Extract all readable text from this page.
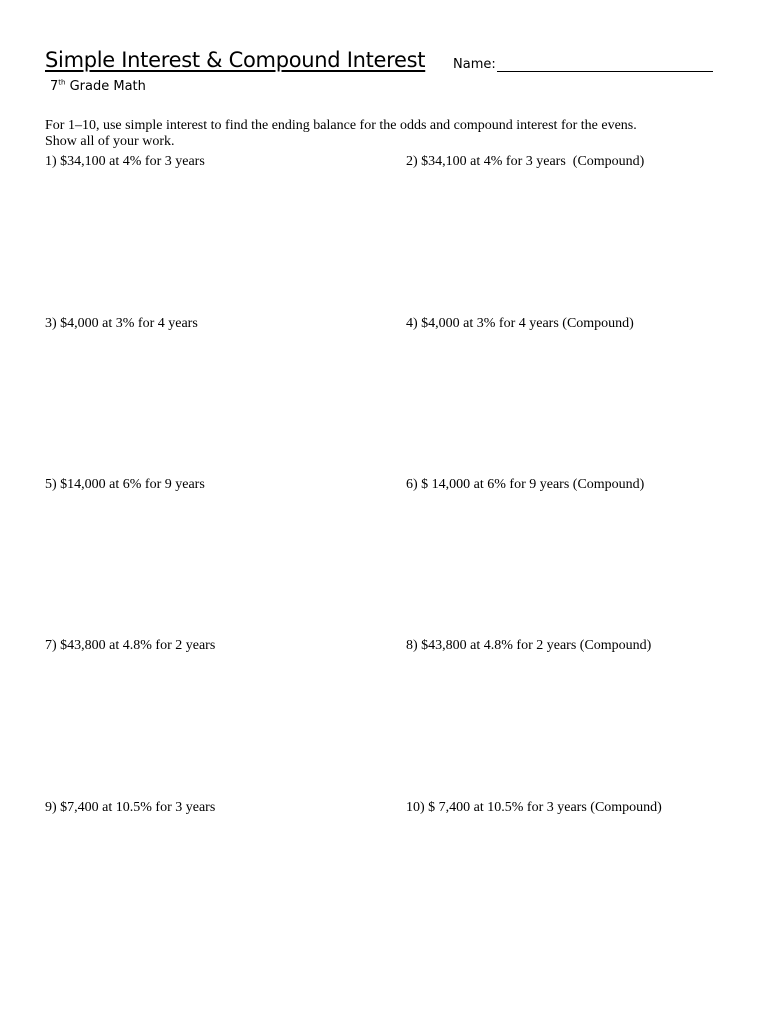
Simple Interest & Compound Interest Name:
7th Grade Math
For 1–10, use simple interest to find the ending balance for the odds and compound interest for the evens.
Show all of your work.
1) $34,100 at 4% for 3 years	2) $34,100 at 4% for 3 years  (Compound)
3) $4,000 at 3% for 4 years	4) $4,000 at 3% for 4 years (Compound)
5) $14,000 at 6% for 9 years	6) $ 14,000 at 6% for 9 years (Compound)
7) $43,800 at 4.8% for 2 years	8) $43,800 at 4.8% for 2 years (Compound)
9) $7,400 at 10.5% for 3 years	10) $ 7,400 at 10.5% for 3 years (Compound)
